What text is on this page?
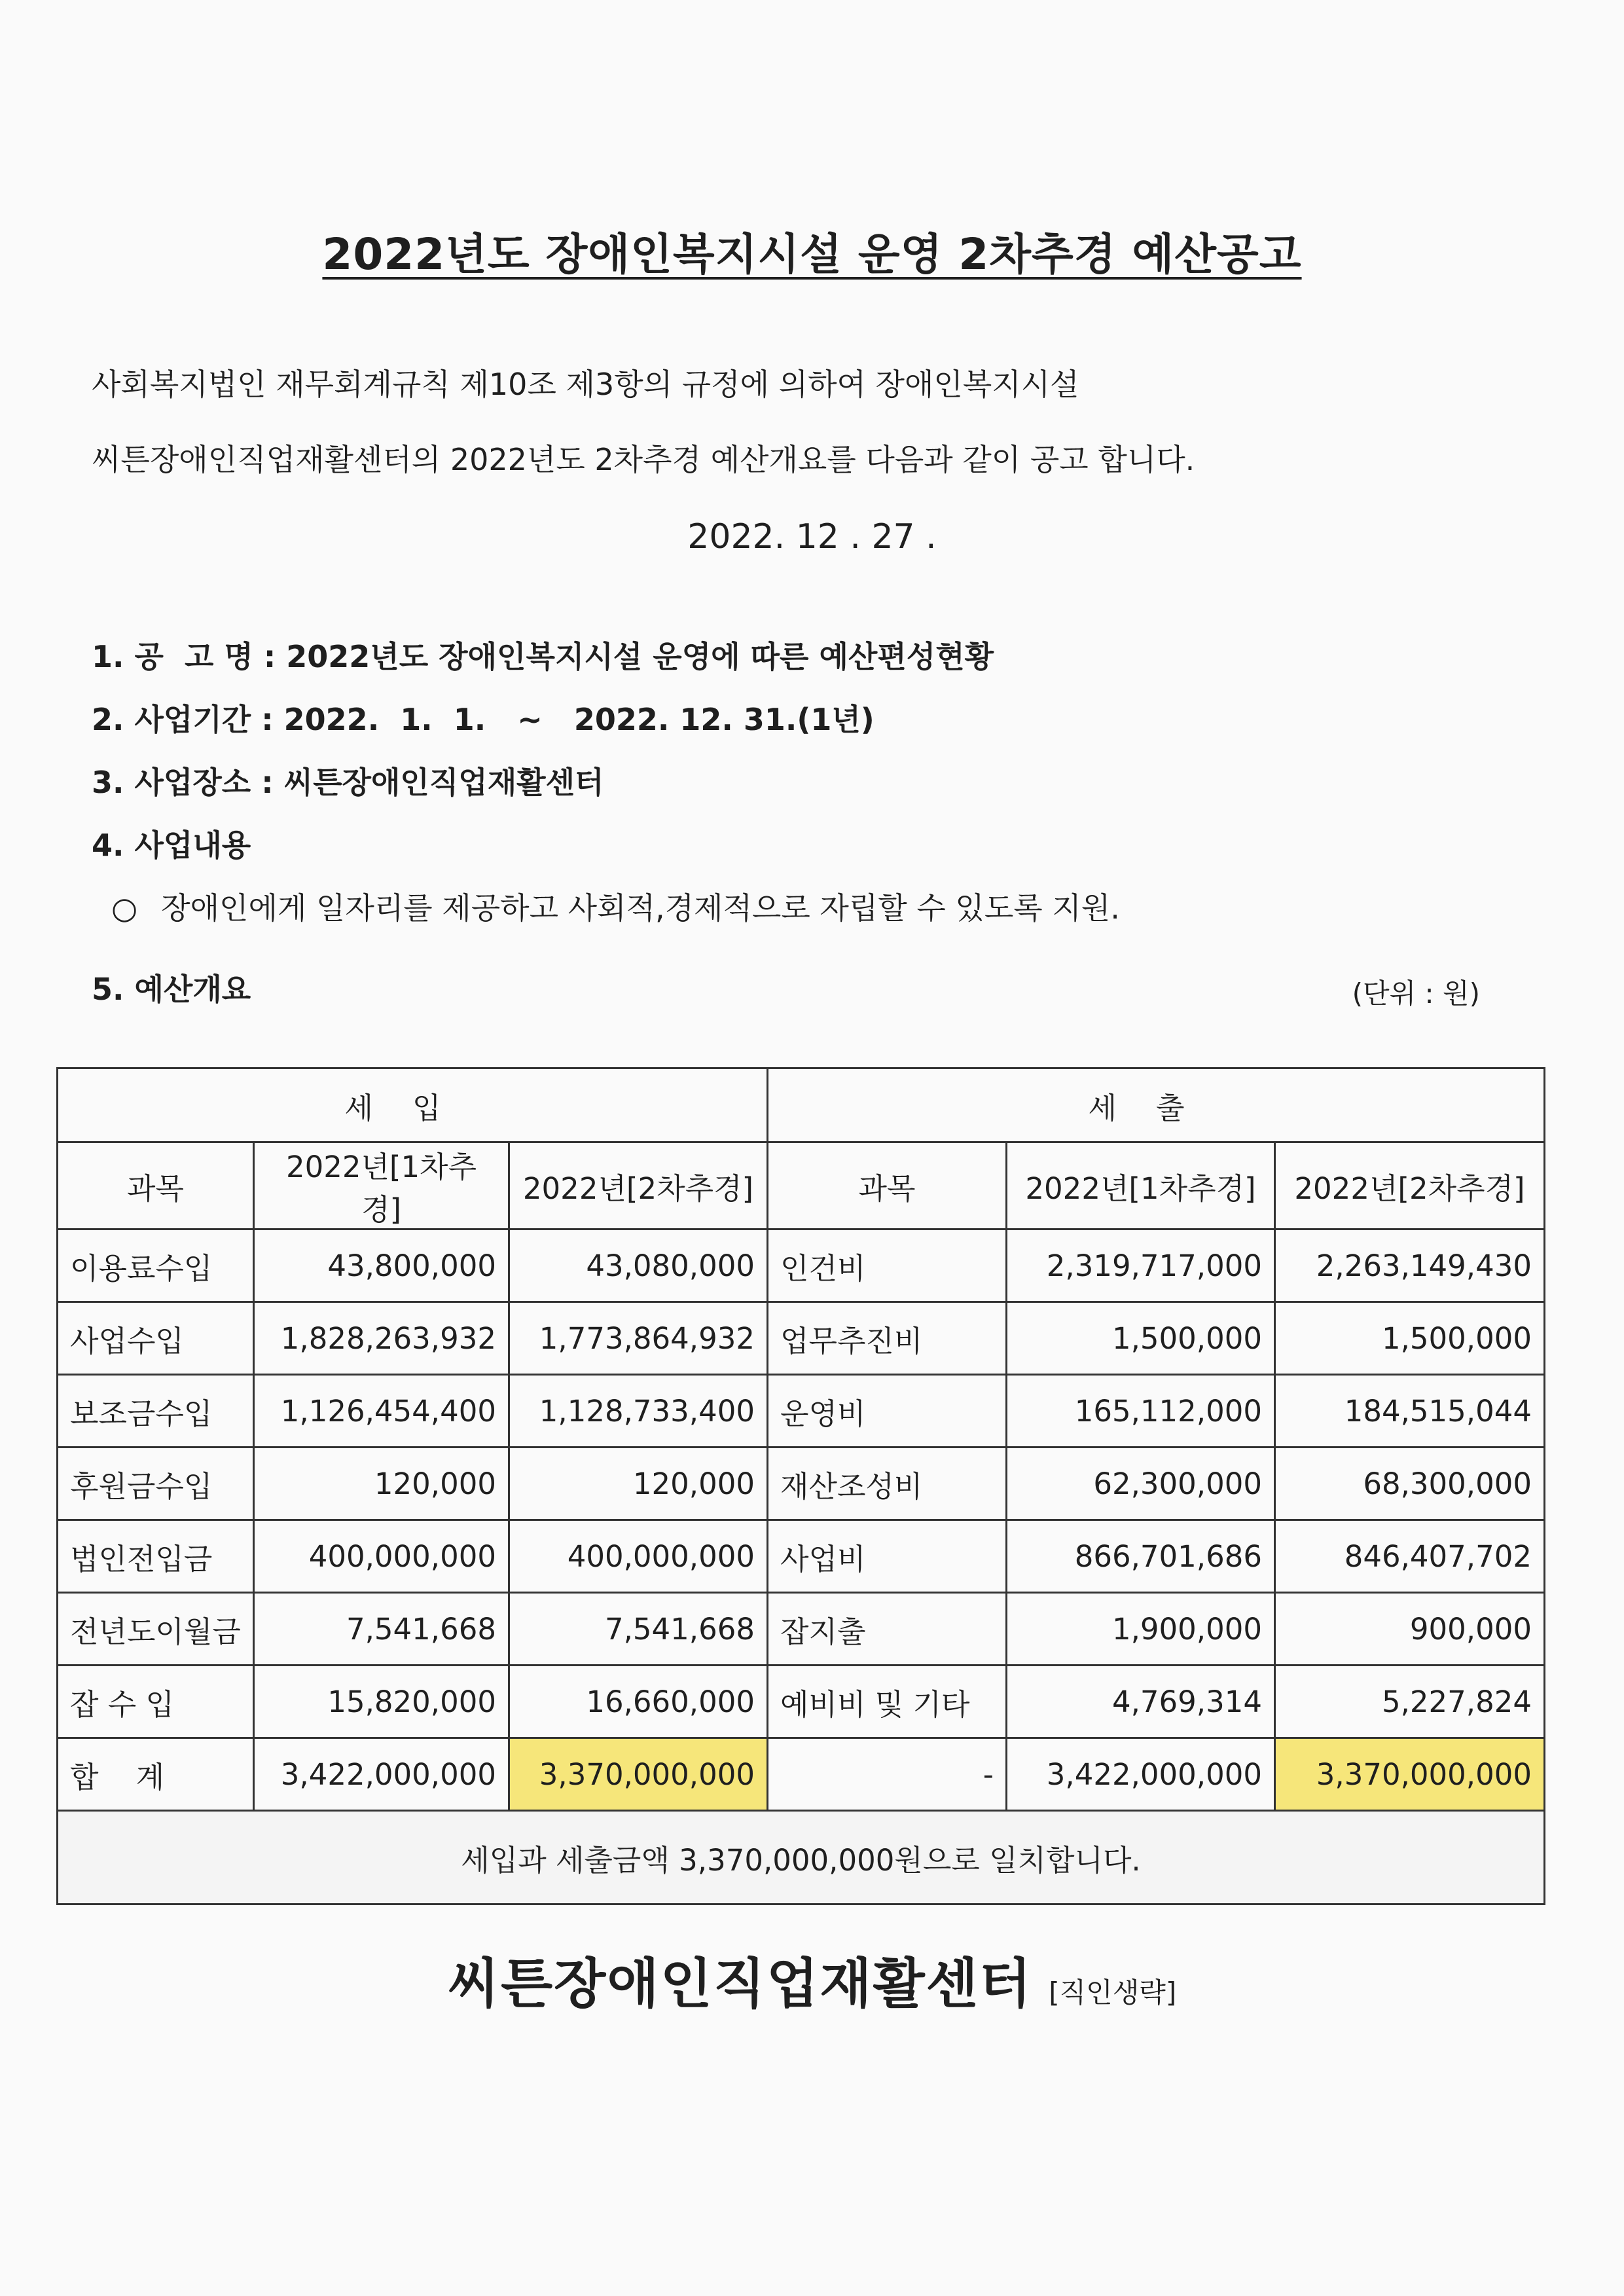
2022년도 장애인복지시설 운영 2차추경 예산공고
사회복지법인 재무회계규칙 제10조 제3항의 규정에 의하여 장애인복지시설
씨튼장애인직업재활센터의 2022년도 2차추경 예산개요를 다음과 같이 공고 합니다.
2022. 12 . 27 .
1. 공  고 명 : 2022년도 장애인복지시설 운영에 따른 예산편성현황
2. 사업기간 : 2022.  1.  1.   ~   2022. 12. 31.(1년)
3. 사업장소 : 씨튼장애인직업재활센터
4. 사업내용
○ 장애인에게 일자리를 제공하고 사회적,경제적으로 자립할 수 있도록 지원.
5. 예산개요	(단위 : 원)
세입			세출		
과목	2022년[1차추경]	2022년[2차추경]	과목	2022년[1차추경]	2022년[2차추경]
이용료수입	43,800,000	43,080,000	인건비	2,319,717,000	2,263,149,430
사업수입	1,828,263,932	1,773,864,932	업무추진비	1,500,000	1,500,000
보조금수입	1,126,454,400	1,128,733,400	운영비	165,112,000	184,515,044
후원금수입	120,000	120,000	재산조성비	62,300,000	68,300,000
법인전입금	400,000,000	400,000,000	사업비	866,701,686	846,407,702
전년도이월금	7,541,668	7,541,668	잡지출	1,900,000	900,000
잡 수 입	15,820,000	16,660,000	예비비 및 기타	4,769,314	5,227,824
합    계	3,422,000,000	3,370,000,000	-	3,422,000,000	3,370,000,000
세입과 세출금액 3,370,000,000원으로 일치합니다.					
씨튼장애인직업재활센터 [직인생략]
